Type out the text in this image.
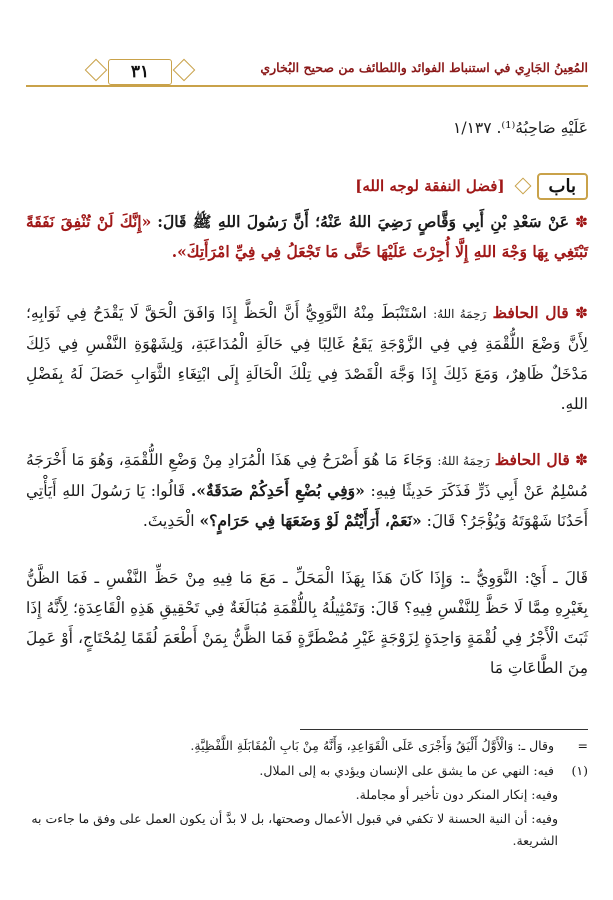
٣١	المُعِينُ الجَارِي في استنباط الفوائد واللطائف من صحيح البُخاري
عَلَيْهِ صَاحِبُهُ⁽¹⁾. ١/١٣٧
باب
[فضل النفقة لوجه الله]
✽ عَنْ سَعْدِ بْنِ أَبِي وَقَّاصٍ رَضِيَ اللهُ عَنْهُ؛ أَنَّ رَسُولَ اللهِ ﷺ قَالَ: «إِنَّكَ لَنْ تُنْفِقَ نَفَقَةً تَبْتَغِي بِهَا وَجْهَ اللهِ إِلَّا أُجِرْتَ عَلَيْهَا حَتَّى مَا تَجْعَلُ فِي فِيِّ امْرَأَتِكَ».
✽ قال الحافظ رَحِمَهُ اللهُ: اسْتَنْبَطَ مِنْهُ النَّوَوِيُّ أَنَّ الْحَظَّ إِذَا وَافَقَ الْحَقَّ لَا يَقْدَحُ فِي ثَوَابِهِ؛ لِأَنَّ وَضْعَ اللُّقْمَةِ فِي فِي الزَّوْجَةِ يَقَعُ غَالِبًا فِي حَالَةِ الْمُدَاعَبَةِ، وَلِشَهْوَةِ النَّفْسِ فِي ذَلِكَ مَدْخَلٌ ظَاهِرٌ، وَمَعَ ذَلِكَ إِذَا وَجَّهَ الْقَصْدَ فِي تِلْكَ الْحَالَةِ إِلَى ابْتِغَاءِ الثَّوَابِ حَصَلَ لَهُ بِفَضْلِ اللهِ.
✽ قال الحافظ رَحِمَهُ اللهُ: وَجَاءَ مَا هُوَ أَصْرَحُ فِي هَذَا الْمُرَادِ مِنْ وَضْعِ اللُّقْمَةِ، وَهُوَ مَا أَخْرَجَهُ مُسْلِمٌ عَنْ أَبِي ذَرٍّ فَذَكَرَ حَدِيثًا فِيهِ: «وَفِي بُضْعِ أَحَدِكُمْ صَدَقَةٌ». قَالُوا: يَا رَسُولَ اللهِ أَيَأْتِي أَحَدُنَا شَهْوَتَهُ وَيُؤْجَرُ؟ قَالَ: «نَعَمْ، أَرَأَيْتُمْ لَوْ وَضَعَهَا فِي حَرَامٍ؟» الْحَدِيثَ.
قَالَ ـ أَيْ: النَّوَوِيُّ ـ: وَإِذَا كَانَ هَذَا بِهَذَا الْمَحَلِّ ـ مَعَ مَا فِيهِ مِنْ حَظِّ النَّفْسِ ـ فَمَا الظَّنُّ بِغَيْرِهِ مِمَّا لَا حَظَّ لِلنَّفْسِ فِيهِ؟ قَالَ: وَتَمْثِيلُهُ بِاللُّقْمَةِ مُبَالَغَةٌ فِي تَحْقِيقِ هَذِهِ الْقَاعِدَةِ؛ لِأَنَّهُ إِذَا ثَبَتَ الْأَجْرُ فِي لُقْمَةٍ وَاحِدَةٍ لِزَوْجَةٍ غَيْرِ مُضْطَرَّةٍ فَمَا الظَّنُّ بِمَنْ أَطْعَمَ لُقَمًا لِمُحْتَاجٍ، أَوْ عَمِلَ مِنَ الطَّاعَاتِ مَا
= وقال ـ: وَالْأَوَّلُ أَلْيَقُ وَأَجْرَى عَلَى الْقَوَاعِدِ، وَأَنَّهُ مِنْ بَابِ الْمُقَابَلَةِ اللَّفْظِيَّةِ.
(١) فيه: النهي عن ما يشق على الإنسان ويؤدي به إلى الملال.
وفيه: إنكار المنكر دون تأخير أو مجاملة.
وفيه: أن النية الحسنة لا تكفي في قبول الأعمال وصحتها، بل لا بدَّ أن يكون العمل على وفق ما جاءت به الشريعة.
